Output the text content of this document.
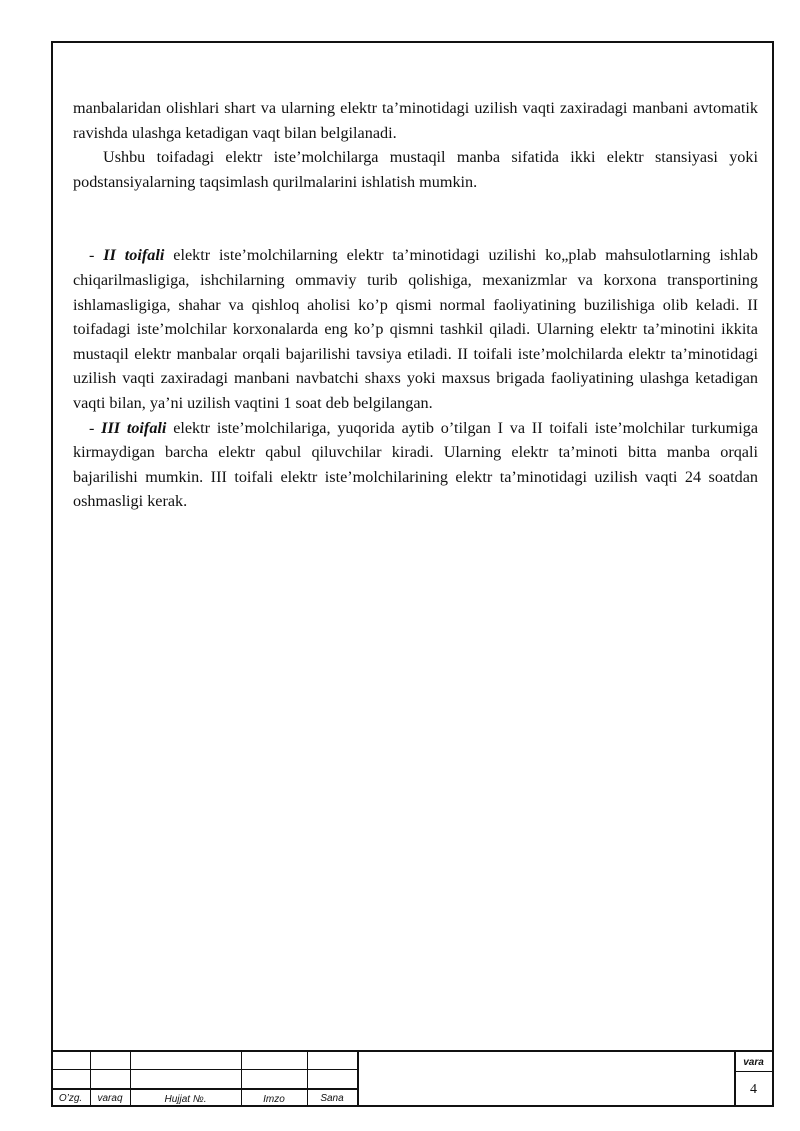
manbalaridan olishlari shart va ularning elektr ta’minotidagi uzilish vaqti zaxiradagi manbani avtomatik ravishda ulashga ketadigan vaqt bilan belgilanadi.

Ushbu toifadagi elektr iste’molchilarga mustaqil manba sifatida ikki elektr stansiyasi yoki podstansiyalarning taqsimlash qurilmalarini ishlatish mumkin.

- II toifali elektr iste’molchilarning elektr ta’minotidagi uzilishi ko„plab mahsulotlarning ishlab chiqarilmasligiga, ishchilarning ommaviy turib qolishiga, mexanizmlar va korxona transportining ishlamasligiga, shahar va qishloq aholisi ko’p qismi normal faoliyatining buzilishiga olib keladi. II toifadagi iste’molchilar korxonalarda eng ko’p qismni tashkil qiladi. Ularning elektr ta’minotini ikkita mustaqil elektr manbalar orqali bajarilishi tavsiya etiladi. II toifali iste’molchilarda elektr ta’minotidagi uzilish vaqti zaxiradagi manbani navbatchi shaxs yoki maxsus brigada faoliyatining ulashga ketadigan vaqti bilan, ya’ni uzilish vaqtini 1 soat deb belgilangan.

- III toifali elektr iste’molchilariga, yuqorida aytib o’tilgan I va II toifali iste’molchilar turkumiga kirmaydigan barcha elektr qabul qiluvchilar kiradi. Ularning elektr ta’minoti bitta manba orqali bajarilishi mumkin. III toifali elektr iste’molchilarining elektr ta’minotidagi uzilish vaqti 24 soatdan oshmasligi kerak.

O’zg.	varaq	Hujjat №.	Imzo	Sana
vara
4
